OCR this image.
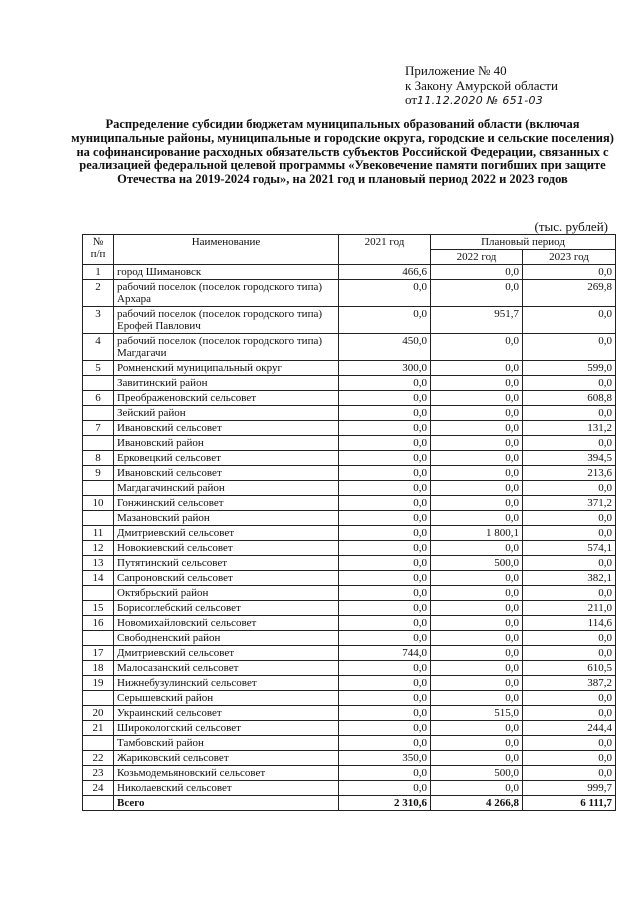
Приложение № 40
к Закону Амурской области
от11.12.2020 № 651-03
Распределение субсидии бюджетам муниципальных образований области (включая муниципальные районы, муниципальные и городские округа, городские и сельские поселения) на софинансирование расходных обязательств субъектов Российской Федерации, связанных с реализацией федеральной целевой программы «Увековечение памяти погибших при защите Отечества на 2019-2024 годы», на 2021 год и плановый период 2022 и 2023 годов
(тыс. рублей)
№
п/п	Наименование	2021 год	Плановый период	
			2022 год	2023 год
1	город Шимановск	466,6	0,0	0,0
2	рабочий поселок (поселок городского типа) Архара	0,0	0,0	269,8
3	рабочий поселок (поселок городского типа) Ерофей Павлович	0,0	951,7	0,0
4	рабочий поселок (поселок городского типа) Магдагачи	450,0	0,0	0,0
5	Ромненский муниципальный округ	300,0	0,0	599,0
	Завитинский район	0,0	0,0	0,0
6	Преображеновский сельсовет	0,0	0,0	608,8
	Зейский район	0,0	0,0	0,0
7	Ивановский сельсовет	0,0	0,0	131,2
	Ивановский район	0,0	0,0	0,0
8	Ерковецкий сельсовет	0,0	0,0	394,5
9	Ивановский сельсовет	0,0	0,0	213,6
	Магдагачинский район	0,0	0,0	0,0
10	Гонжинский сельсовет	0,0	0,0	371,2
	Мазановский район	0,0	0,0	0,0
11	Дмитриевский сельсовет	0,0	1 800,1	0,0
12	Новокиевский сельсовет	0,0	0,0	574,1
13	Путятинский сельсовет	0,0	500,0	0,0
14	Сапроновский сельсовет	0,0	0,0	382,1
	Октябрьский район	0,0	0,0	0,0
15	Борисоглебский сельсовет	0,0	0,0	211,0
16	Новомихайловский сельсовет	0,0	0,0	114,6
	Свободненский район	0,0	0,0	0,0
17	Дмитриевский сельсовет	744,0	0,0	0,0
18	Малосазанский сельсовет	0,0	0,0	610,5
19	Нижнебузулинский сельсовет	0,0	0,0	387,2
	Серышевский район	0,0	0,0	0,0
20	Украинский сельсовет	0,0	515,0	0,0
21	Широкологский сельсовет	0,0	0,0	244,4
	Тамбовский район	0,0	0,0	0,0
22	Жариковский сельсовет	350,0	0,0	0,0
23	Козьмодемьяновский сельсовет	0,0	500,0	0,0
24	Николаевский сельсовет	0,0	0,0	999,7
	Всего	2 310,6	4 266,8	6 111,7
